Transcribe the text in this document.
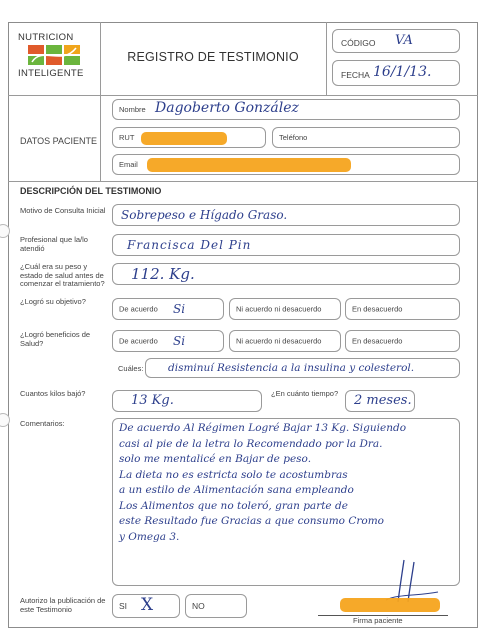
NUTRICION
INTELIGENTE
REGISTRO DE TESTIMONIO
CÓDIGO VA
FECHA 16/1/13.
DATOS PACIENTE
Nombre Dagoberto González
RUT	Teléfono
Email
DESCRIPCIÓN DEL TESTIMONIO
Motivo de Consulta Inicial	Sobrepeso e Hígado Graso.
Profesional que la/lo atendió	Francisca Del Pin
¿Cuál era su peso y estado de salud antes de comenzar el tratamiento?
112. Kg.
¿Logró su objetivo?
De acuerdo Si	Ni acuerdo ni desacuerdo	En desacuerdo
¿Logró beneficios de Salud?	De acuerdo Si	Ni acuerdo ni desacuerdo	En desacuerdo
Cuáles: disminuí Resistencia a la insulina y colesterol.
Cuantos kilos bajó?	13 Kg.	¿En cuánto tiempo? 2 meses.
Comentarios:	De acuerdo Al Régimen Logré Bajar 13 Kg. Siguiendo
casi al pie de la letra lo Recomendado por la Dra.
solo me mentalicé en Bajar de peso.
La dieta no es estricta solo te acostumbras
a un estilo de Alimentación sana empleando
Los Alimentos que no toleró, gran parte de
este Resultado fue Gracias a que consumo Cromo
y Omega 3.
Autorizo la publicación de este Testimonio	SI X	NO
Firma paciente
